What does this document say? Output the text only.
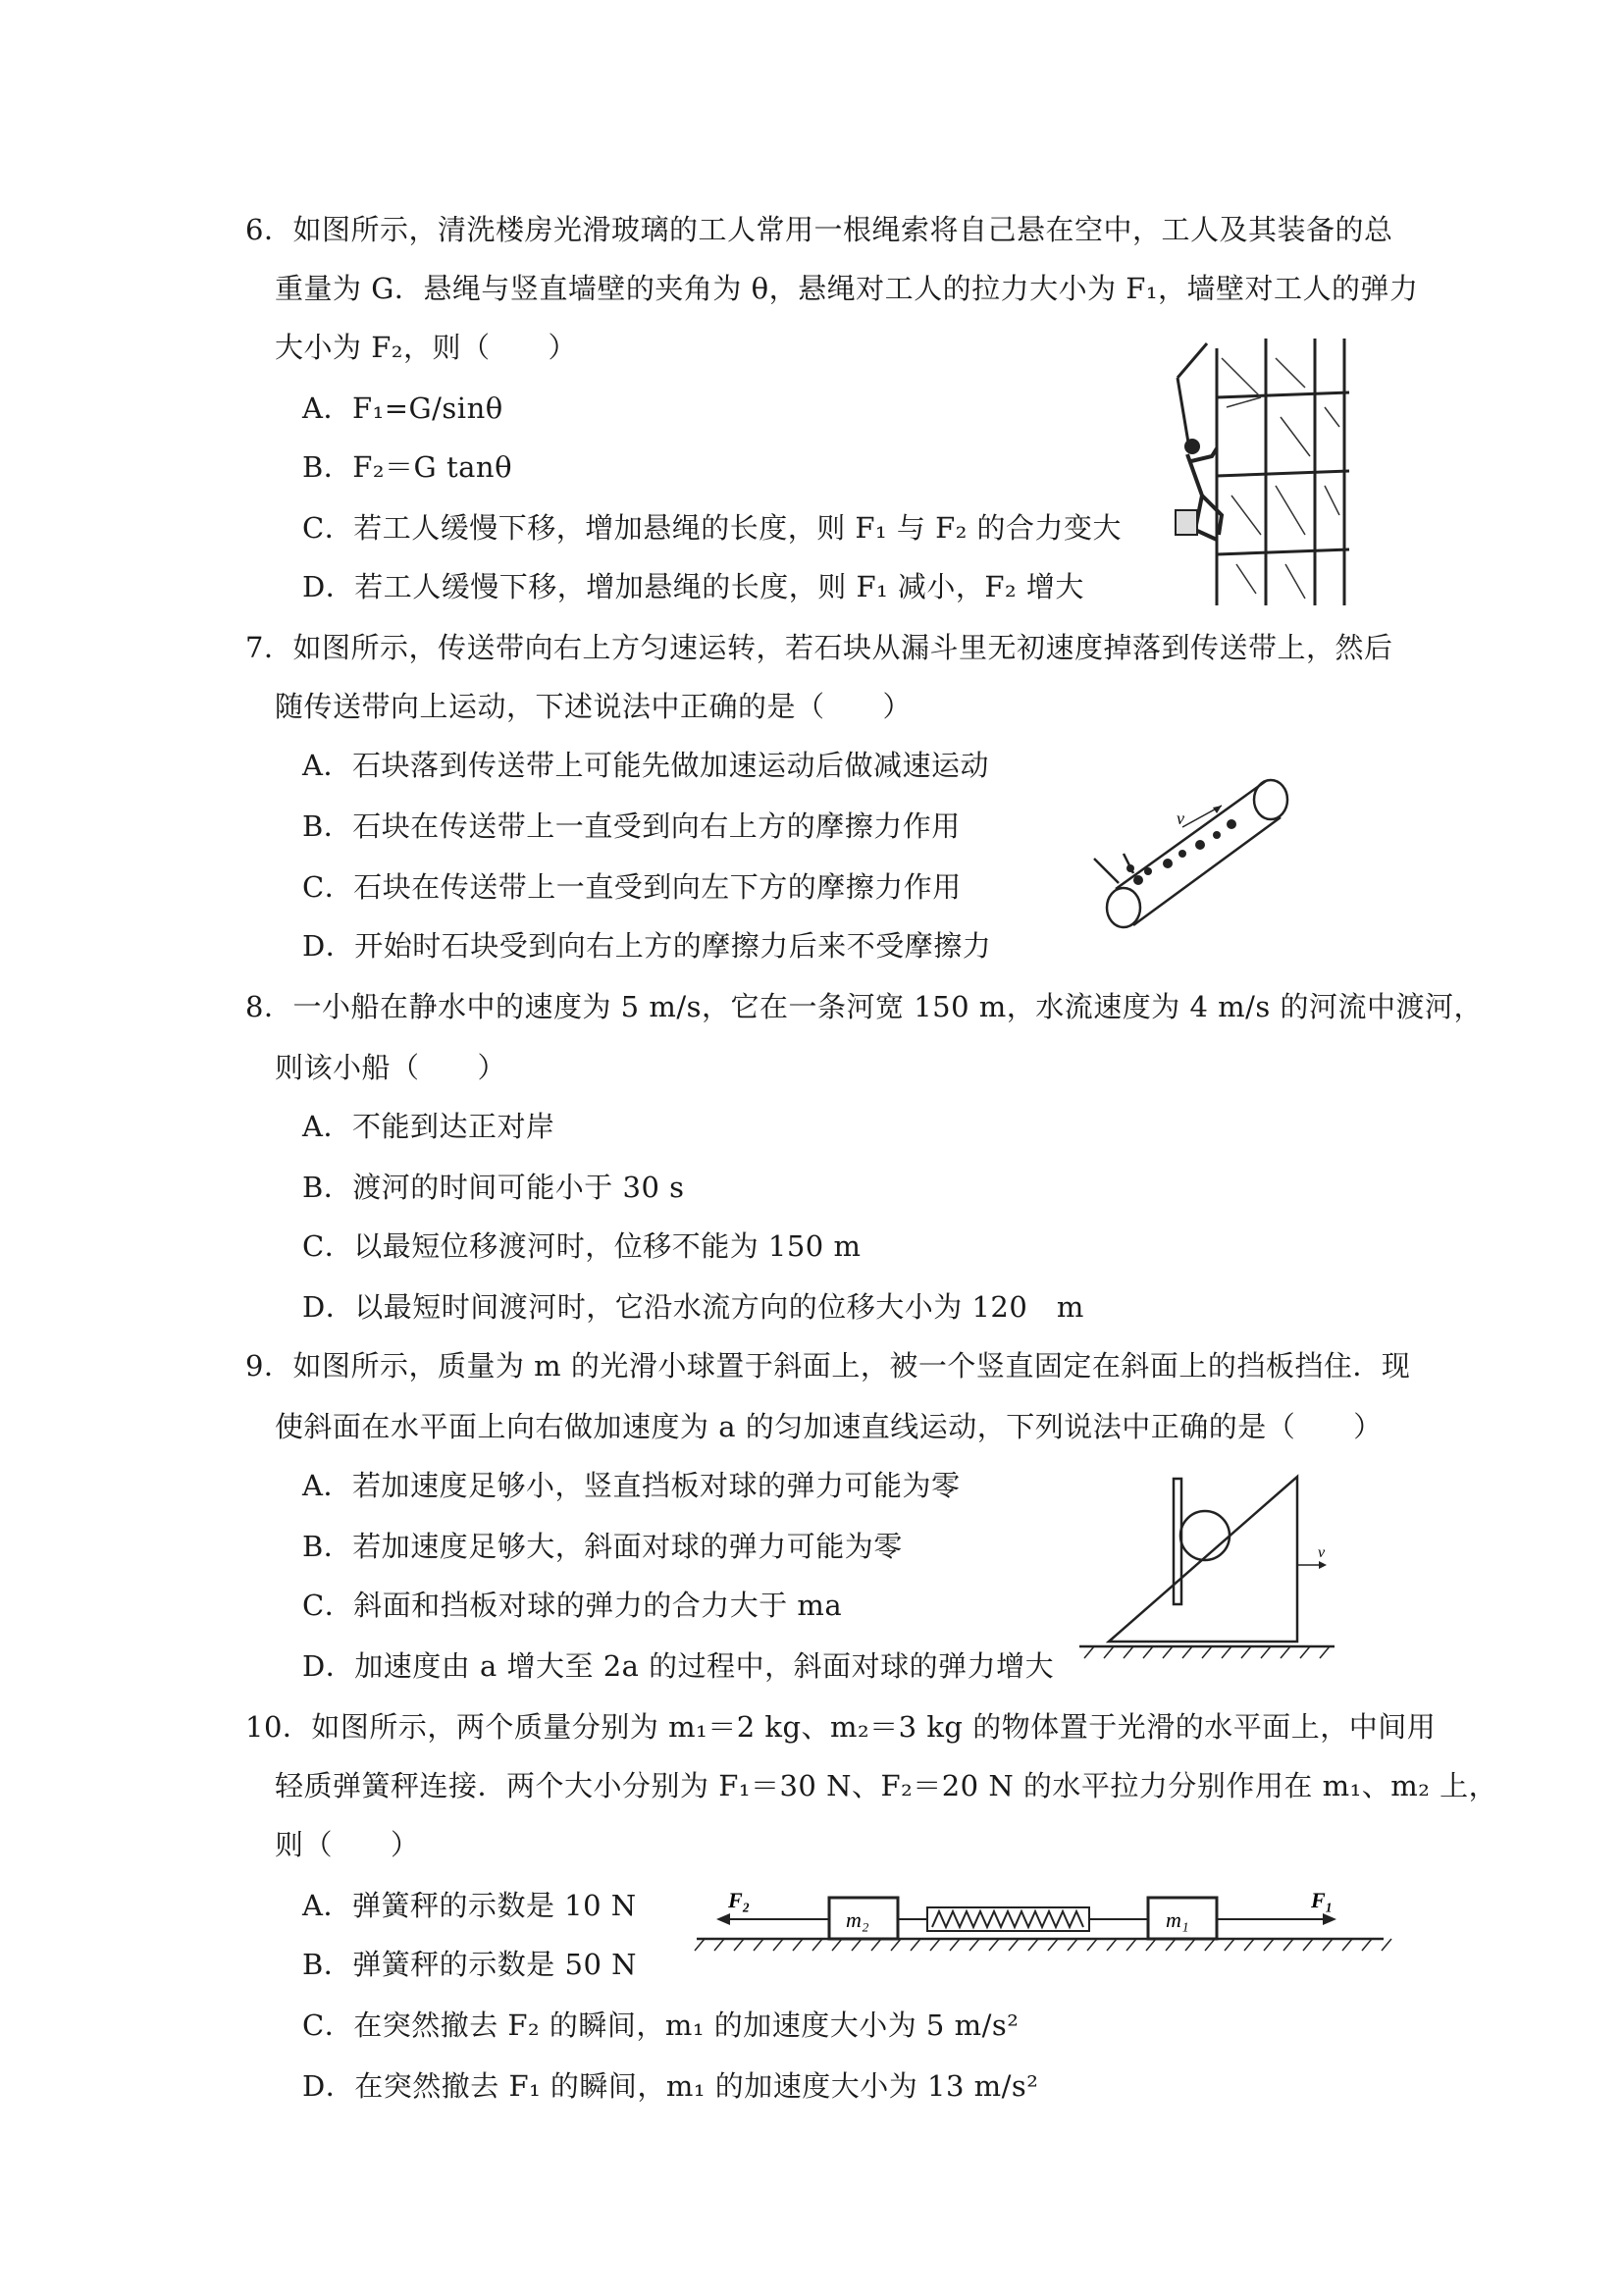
6．如图所示，清洗楼房光滑玻璃的工人常用一根绳索将自己悬在空中，工人及其装备的总
重量为 G．悬绳与竖直墙壁的夹角为 θ，悬绳对工人的拉力大小为 F₁，墙壁对工人的弹力
大小为 F₂，则（　　）
A．F₁=G/sinθ
B．F₂＝G tanθ
C．若工人缓慢下移，增加悬绳的长度，则 F₁ 与 F₂ 的合力变大
D．若工人缓慢下移，增加悬绳的长度，则 F₁ 减小，F₂ 增大
7．如图所示，传送带向右上方匀速运转，若石块从漏斗里无初速度掉落到传送带上，然后
随传送带向上运动，下述说法中正确的是（　　）
A．石块落到传送带上可能先做加速运动后做减速运动
B．石块在传送带上一直受到向右上方的摩擦力作用
C．石块在传送带上一直受到向左下方的摩擦力作用
D．开始时石块受到向右上方的摩擦力后来不受摩擦力
v
8．一小船在静水中的速度为 5 m/s，它在一条河宽 150 m，水流速度为 4 m/s 的河流中渡河，
则该小船（　　）
A．不能到达正对岸
B．渡河的时间可能小于 30 s
C．以最短位移渡河时，位移不能为 150 m
D．以最短时间渡河时，它沿水流方向的位移大小为 120　m
9．如图所示，质量为 m 的光滑小球置于斜面上，被一个竖直固定在斜面上的挡板挡住．现
使斜面在水平面上向右做加速度为 a 的匀加速直线运动，下列说法中正确的是（　　）
A．若加速度足够小，竖直挡板对球的弹力可能为零
B．若加速度足够大，斜面对球的弹力可能为零
C．斜面和挡板对球的弹力的合力大于 ma
D．加速度由 a 增大至 2a 的过程中，斜面对球的弹力增大
v
10．如图所示，两个质量分别为 m₁＝2 kg、m₂＝3 kg 的物体置于光滑的水平面上，中间用
轻质弹簧秤连接．两个大小分别为 F₁＝30 N、F₂＝20 N 的水平拉力分别作用在 m₁、m₂ 上，
则（　　）
A．弹簧秤的示数是 10 N
B．弹簧秤的示数是 50 N
C．在突然撤去 F₂ 的瞬间，m₁ 的加速度大小为 5 m/s²
D．在突然撤去 F₁ 的瞬间，m₁ 的加速度大小为 13 m/s²
F₂
m₂	m₁
F₁
